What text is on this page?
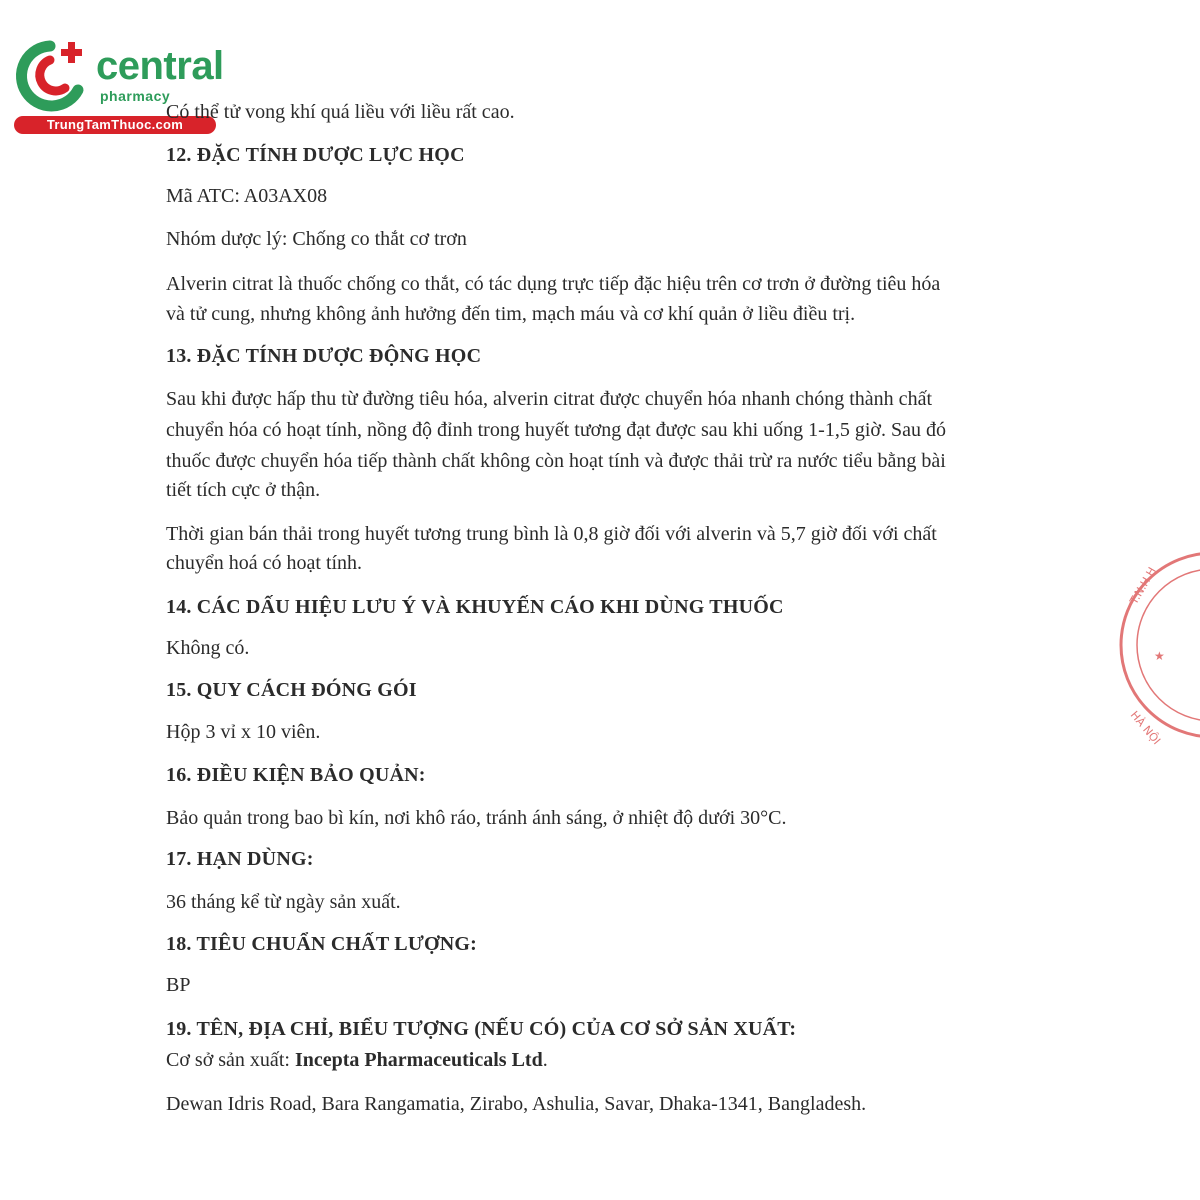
central
pharmacy
TrungTamThuoc.com
Có thể tử vong khí quá liều với liều rất cao.
12. ĐẶC TÍNH DƯỢC LỰC HỌC
Mã ATC: A03AX08
Nhóm dược lý: Chống co thắt cơ trơn
Alverin citrat là thuốc chống co thắt, có tác dụng trực tiếp đặc hiệu trên cơ trơn ở đường tiêu hóa
và tử cung, nhưng không ảnh hưởng đến tim, mạch máu và cơ khí quản ở liều điều trị.
13. ĐẶC TÍNH DƯỢC ĐỘNG HỌC
Sau khi được hấp thu từ đường tiêu hóa, alverin citrat được chuyển hóa nhanh chóng thành chất
chuyển hóa có hoạt tính, nồng độ đỉnh trong huyết tương đạt được sau khi uống 1-1,5 giờ. Sau đó
thuốc được chuyển hóa tiếp thành chất không còn hoạt tính và được thải trừ ra nước tiểu bằng bài
tiết tích cực ở thận.
Thời gian bán thải trong huyết tương trung bình là 0,8 giờ đối với alverin và 5,7 giờ đối với chất
chuyển hoá có hoạt tính.
14. CÁC DẤU HIỆU LƯU Ý VÀ KHUYẾN CÁO KHI DÙNG THUỐC
Không có.
15. QUY CÁCH ĐÓNG GÓI
Hộp 3 vỉ x 10 viên.
16. ĐIỀU KIỆN BẢO QUẢN:
Bảo quản trong bao bì kín, nơi khô ráo, tránh ánh sáng, ở nhiệt độ dưới 30°C.
17. HẠN DÙNG:
36 tháng kể từ ngày sản xuất.
18. TIÊU CHUẨN CHẤT LƯỢNG:
BP
19. TÊN, ĐỊA CHỈ, BIỂU TƯỢNG (NẾU CÓ) CỦA CƠ SỞ SẢN XUẤT:
Cơ sở sản xuất: Incepta Pharmaceuticals Ltd.
Dewan Idris Road, Bara Rangamatia, Zirabo, Ashulia, Savar, Dhaka-1341, Bangladesh.
T.N.H.H
★
HÀ NỘI
